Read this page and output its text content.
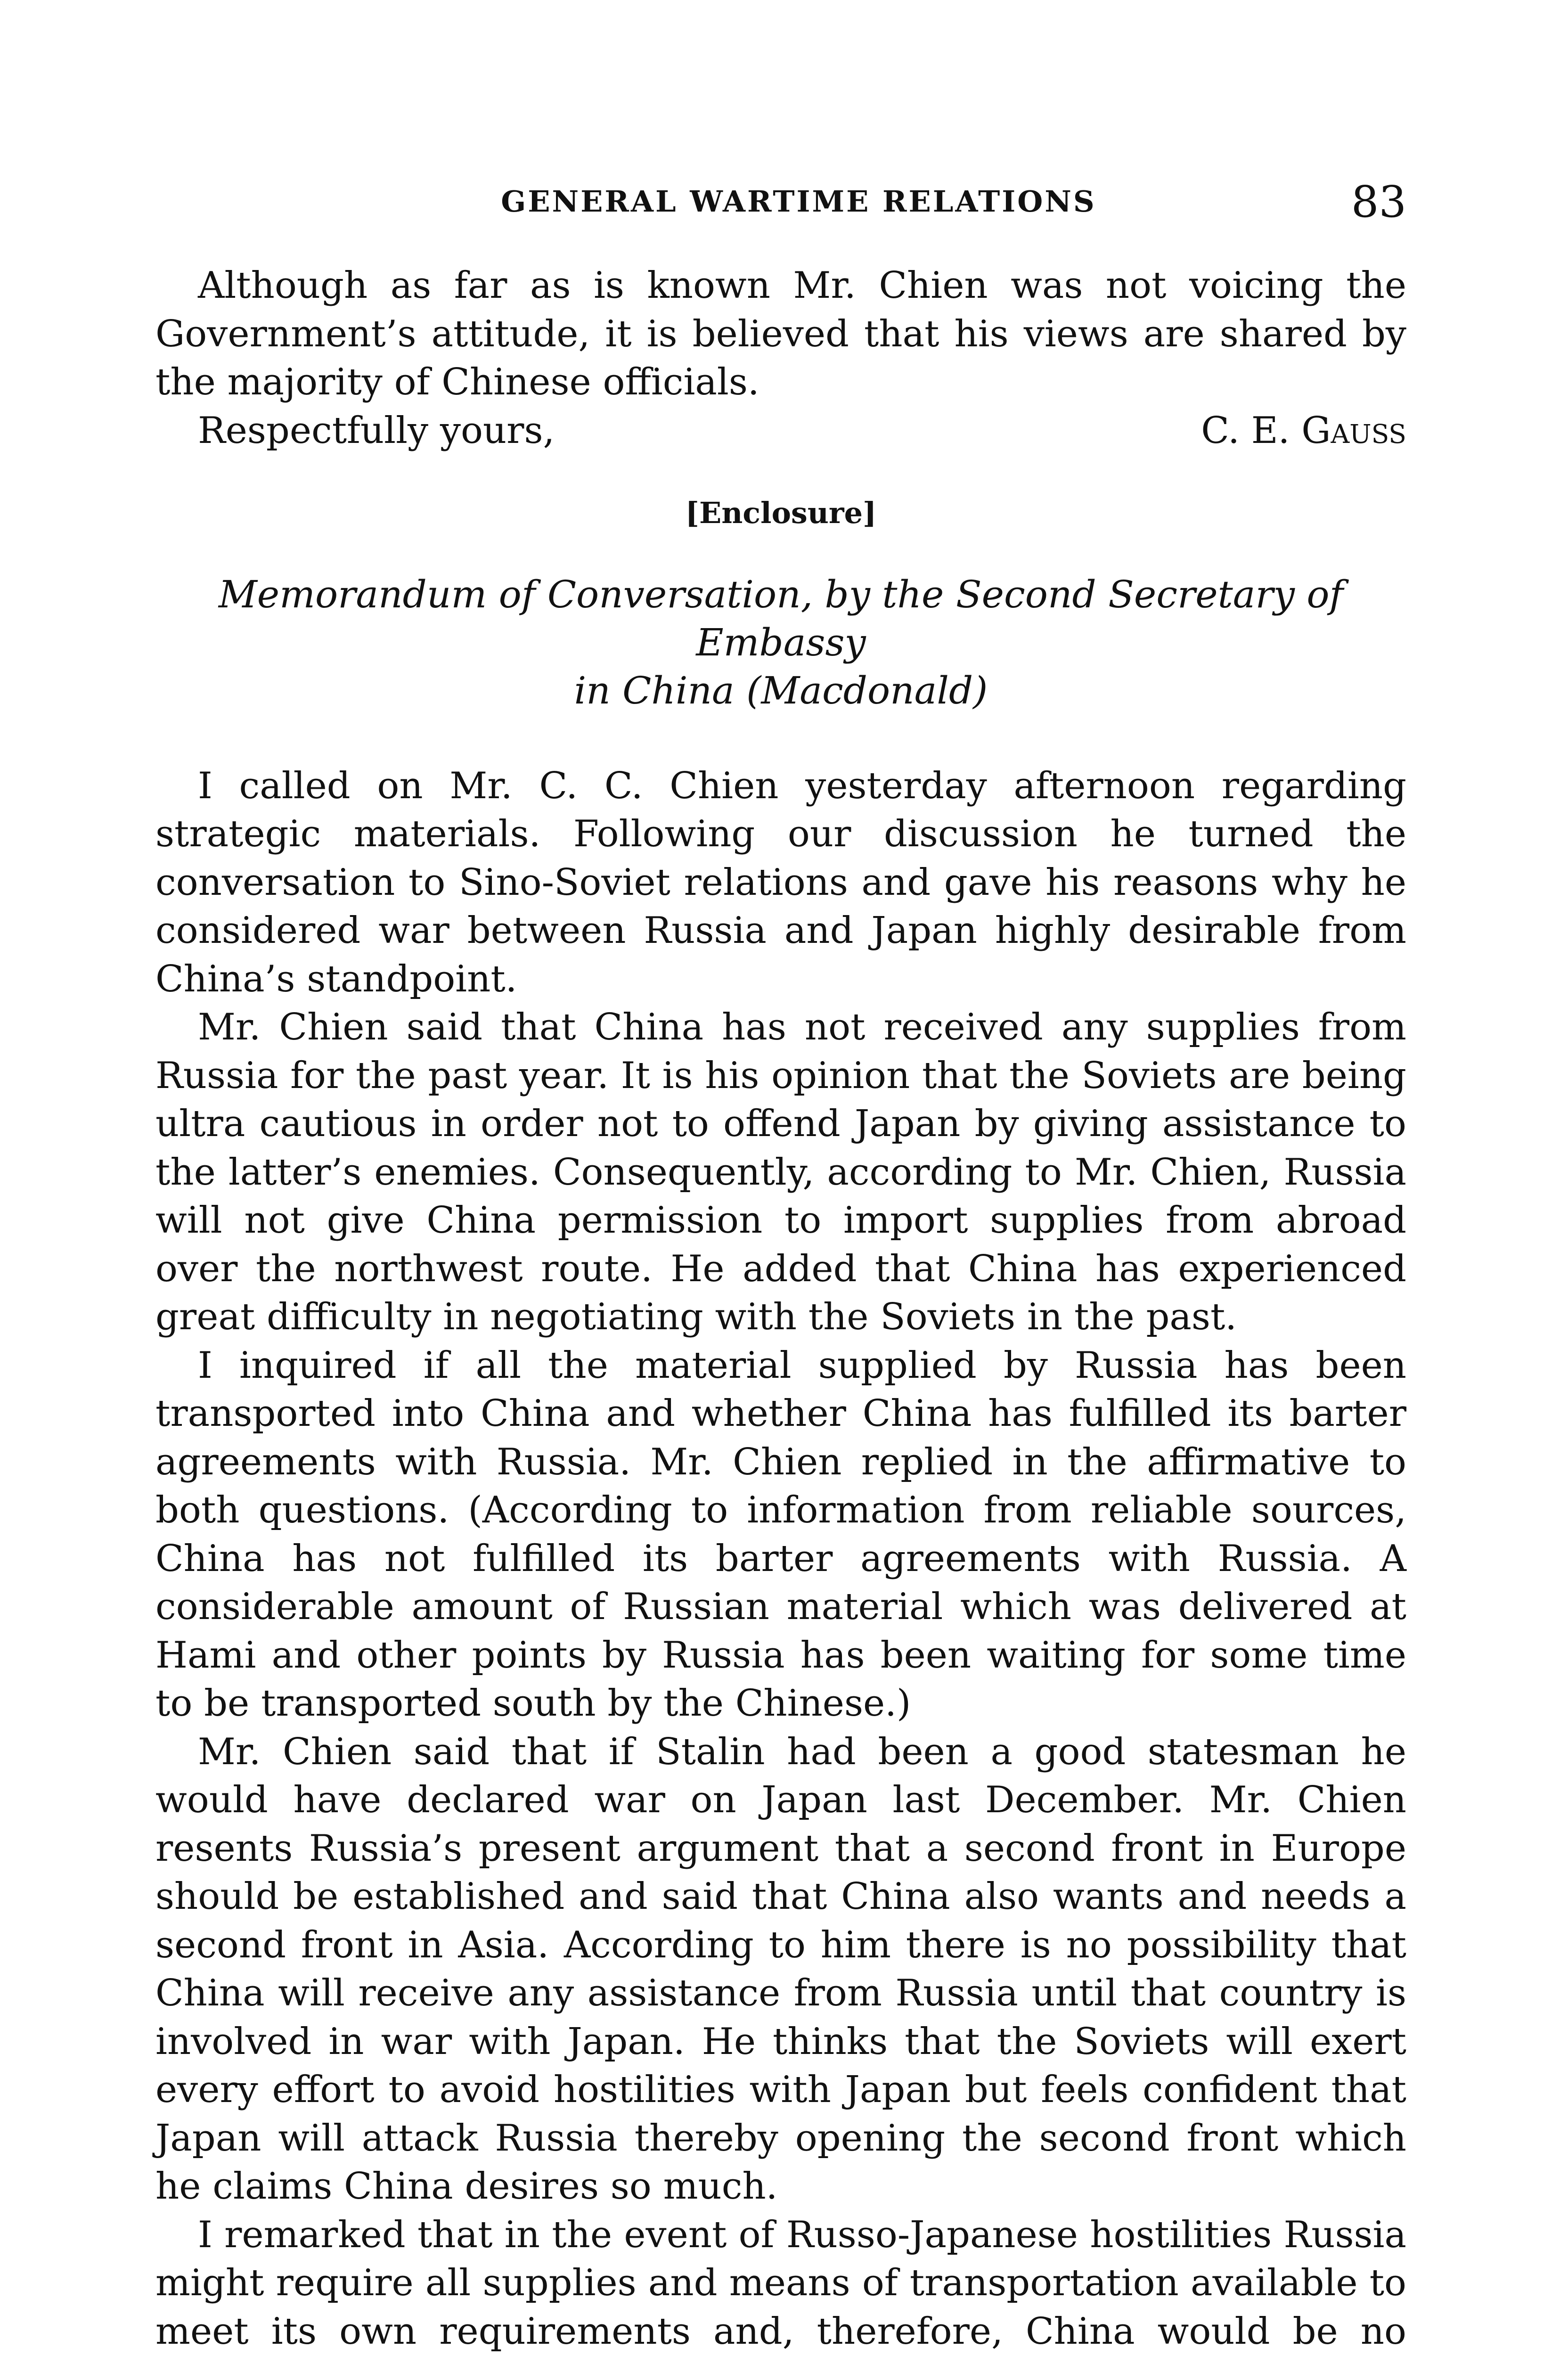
GENERAL WARTIME RELATIONS	83

Although as far as is known Mr. Chien was not voicing the Government’s attitude, it is believed that his views are shared by the majority of Chinese officials.

Respectfully yours,	C. E. Gauss
[Enclosure]
Memorandum of Conversation, by the Second Secretary of Embassy
in China (Macdonald)

I called on Mr. C. C. Chien yesterday afternoon regarding strategic materials. Following our discussion he turned the conversation to Sino-Soviet relations and gave his reasons why he considered war between Russia and Japan highly desirable from China’s standpoint.

Mr. Chien said that China has not received any supplies from Russia for the past year. It is his opinion that the Soviets are being ultra cautious in order not to offend Japan by giving assistance to the latter’s enemies. Consequently, according to Mr. Chien, Russia will not give China permission to import supplies from abroad over the northwest route. He added that China has experienced great difficulty in negotiating with the Soviets in the past.

I inquired if all the material supplied by Russia has been transported into China and whether China has fulfilled its barter agreements with Russia. Mr. Chien replied in the affirmative to both questions. (According to information from reliable sources, China has not fulfilled its barter agreements with Russia. A considerable amount of Russian material which was delivered at Hami and other points by Russia has been waiting for some time to be transported south by the Chinese.)

Mr. Chien said that if Stalin had been a good statesman he would have declared war on Japan last December. Mr. Chien resents Russia’s present argument that a second front in Europe should be established and said that China also wants and needs a second front in Asia. According to him there is no possibility that China will receive any assistance from Russia until that country is involved in war with Japan. He thinks that the Soviets will exert every effort to avoid hostilities with Japan but feels confident that Japan will attack Russia thereby opening the second front which he claims China desires so much.

I remarked that in the event of Russo-Japanese hostilities Russia might require all supplies and means of transportation available to meet its own requirements and, therefore, China would be no
